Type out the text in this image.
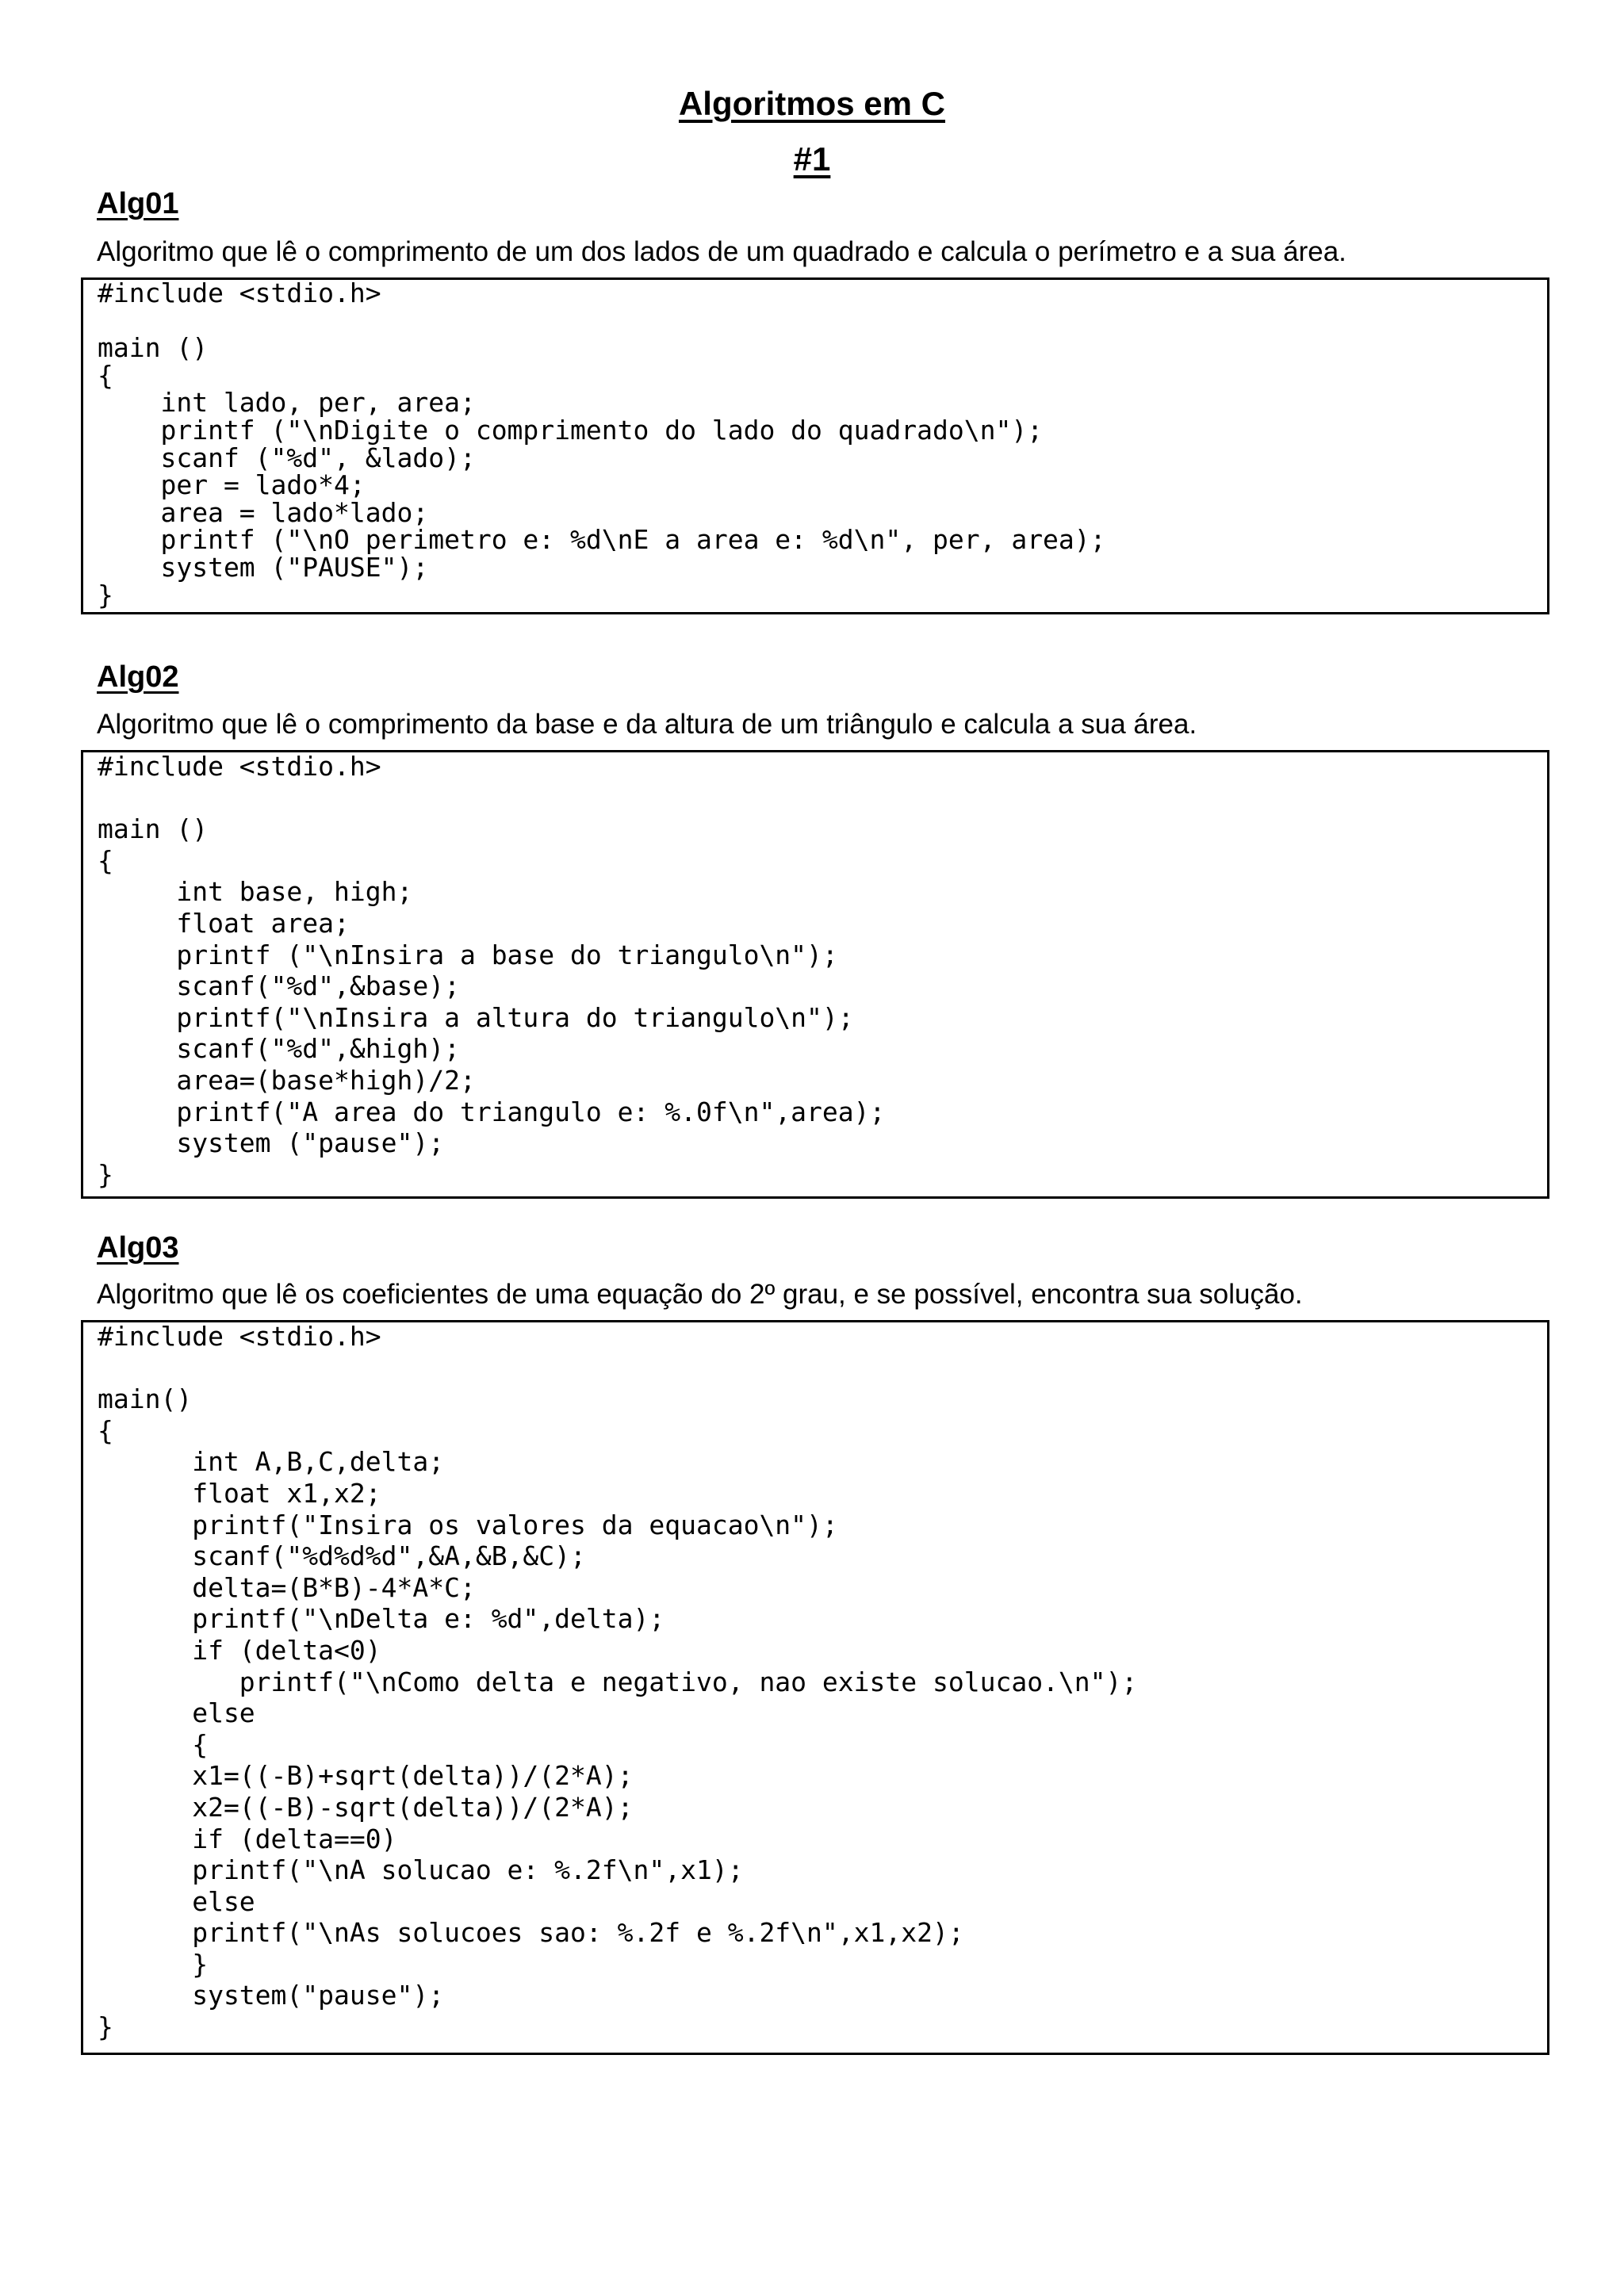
Algoritmos em C
#1
Alg01

Algoritmo que lê o comprimento de um dos lados de um quadrado e calcula o perímetro e a sua área.

#include <stdio.h>

main ()
{
int lado, per, area;
printf ("\nDigite o comprimento do lado do quadrado\n");
scanf ("%d", &lado);
per = lado*4;
area = lado*lado;
printf ("\nO perimetro e: %d\nE a area e: %d\n", per, area);
system ("PAUSE");
}
Alg02

Algoritmo que lê o comprimento da base e da altura de um triângulo e calcula a sua área.

#include <stdio.h>

main ()
{
int base, high;
float area;
printf ("\nInsira a base do triangulo\n");
scanf("%d",&base);
printf("\nInsira a altura do triangulo\n");
scanf("%d",&high);
area=(base*high)/2;
printf("A area do triangulo e: %.0f\n",area);
system ("pause");
}
Alg03

Algoritmo que lê os coeficientes de uma equação do 2º grau, e se possível, encontra sua solução.

#include <stdio.h>

main()
{
int A,B,C,delta;
float x1,x2;
printf("Insira os valores da equacao\n");
scanf("%d%d%d",&A,&B,&C);
delta=(B*B)-4*A*C;
printf("\nDelta e: %d",delta);
if (delta<0)
printf("\nComo delta e negativo, nao existe solucao.\n");
else
{
x1=((-B)+sqrt(delta))/(2*A);
x2=((-B)-sqrt(delta))/(2*A);
if (delta==0)
printf("\nA solucao e: %.2f\n",x1);
else
printf("\nAs solucoes sao: %.2f e %.2f\n",x1,x2);
}
system("pause");
}
